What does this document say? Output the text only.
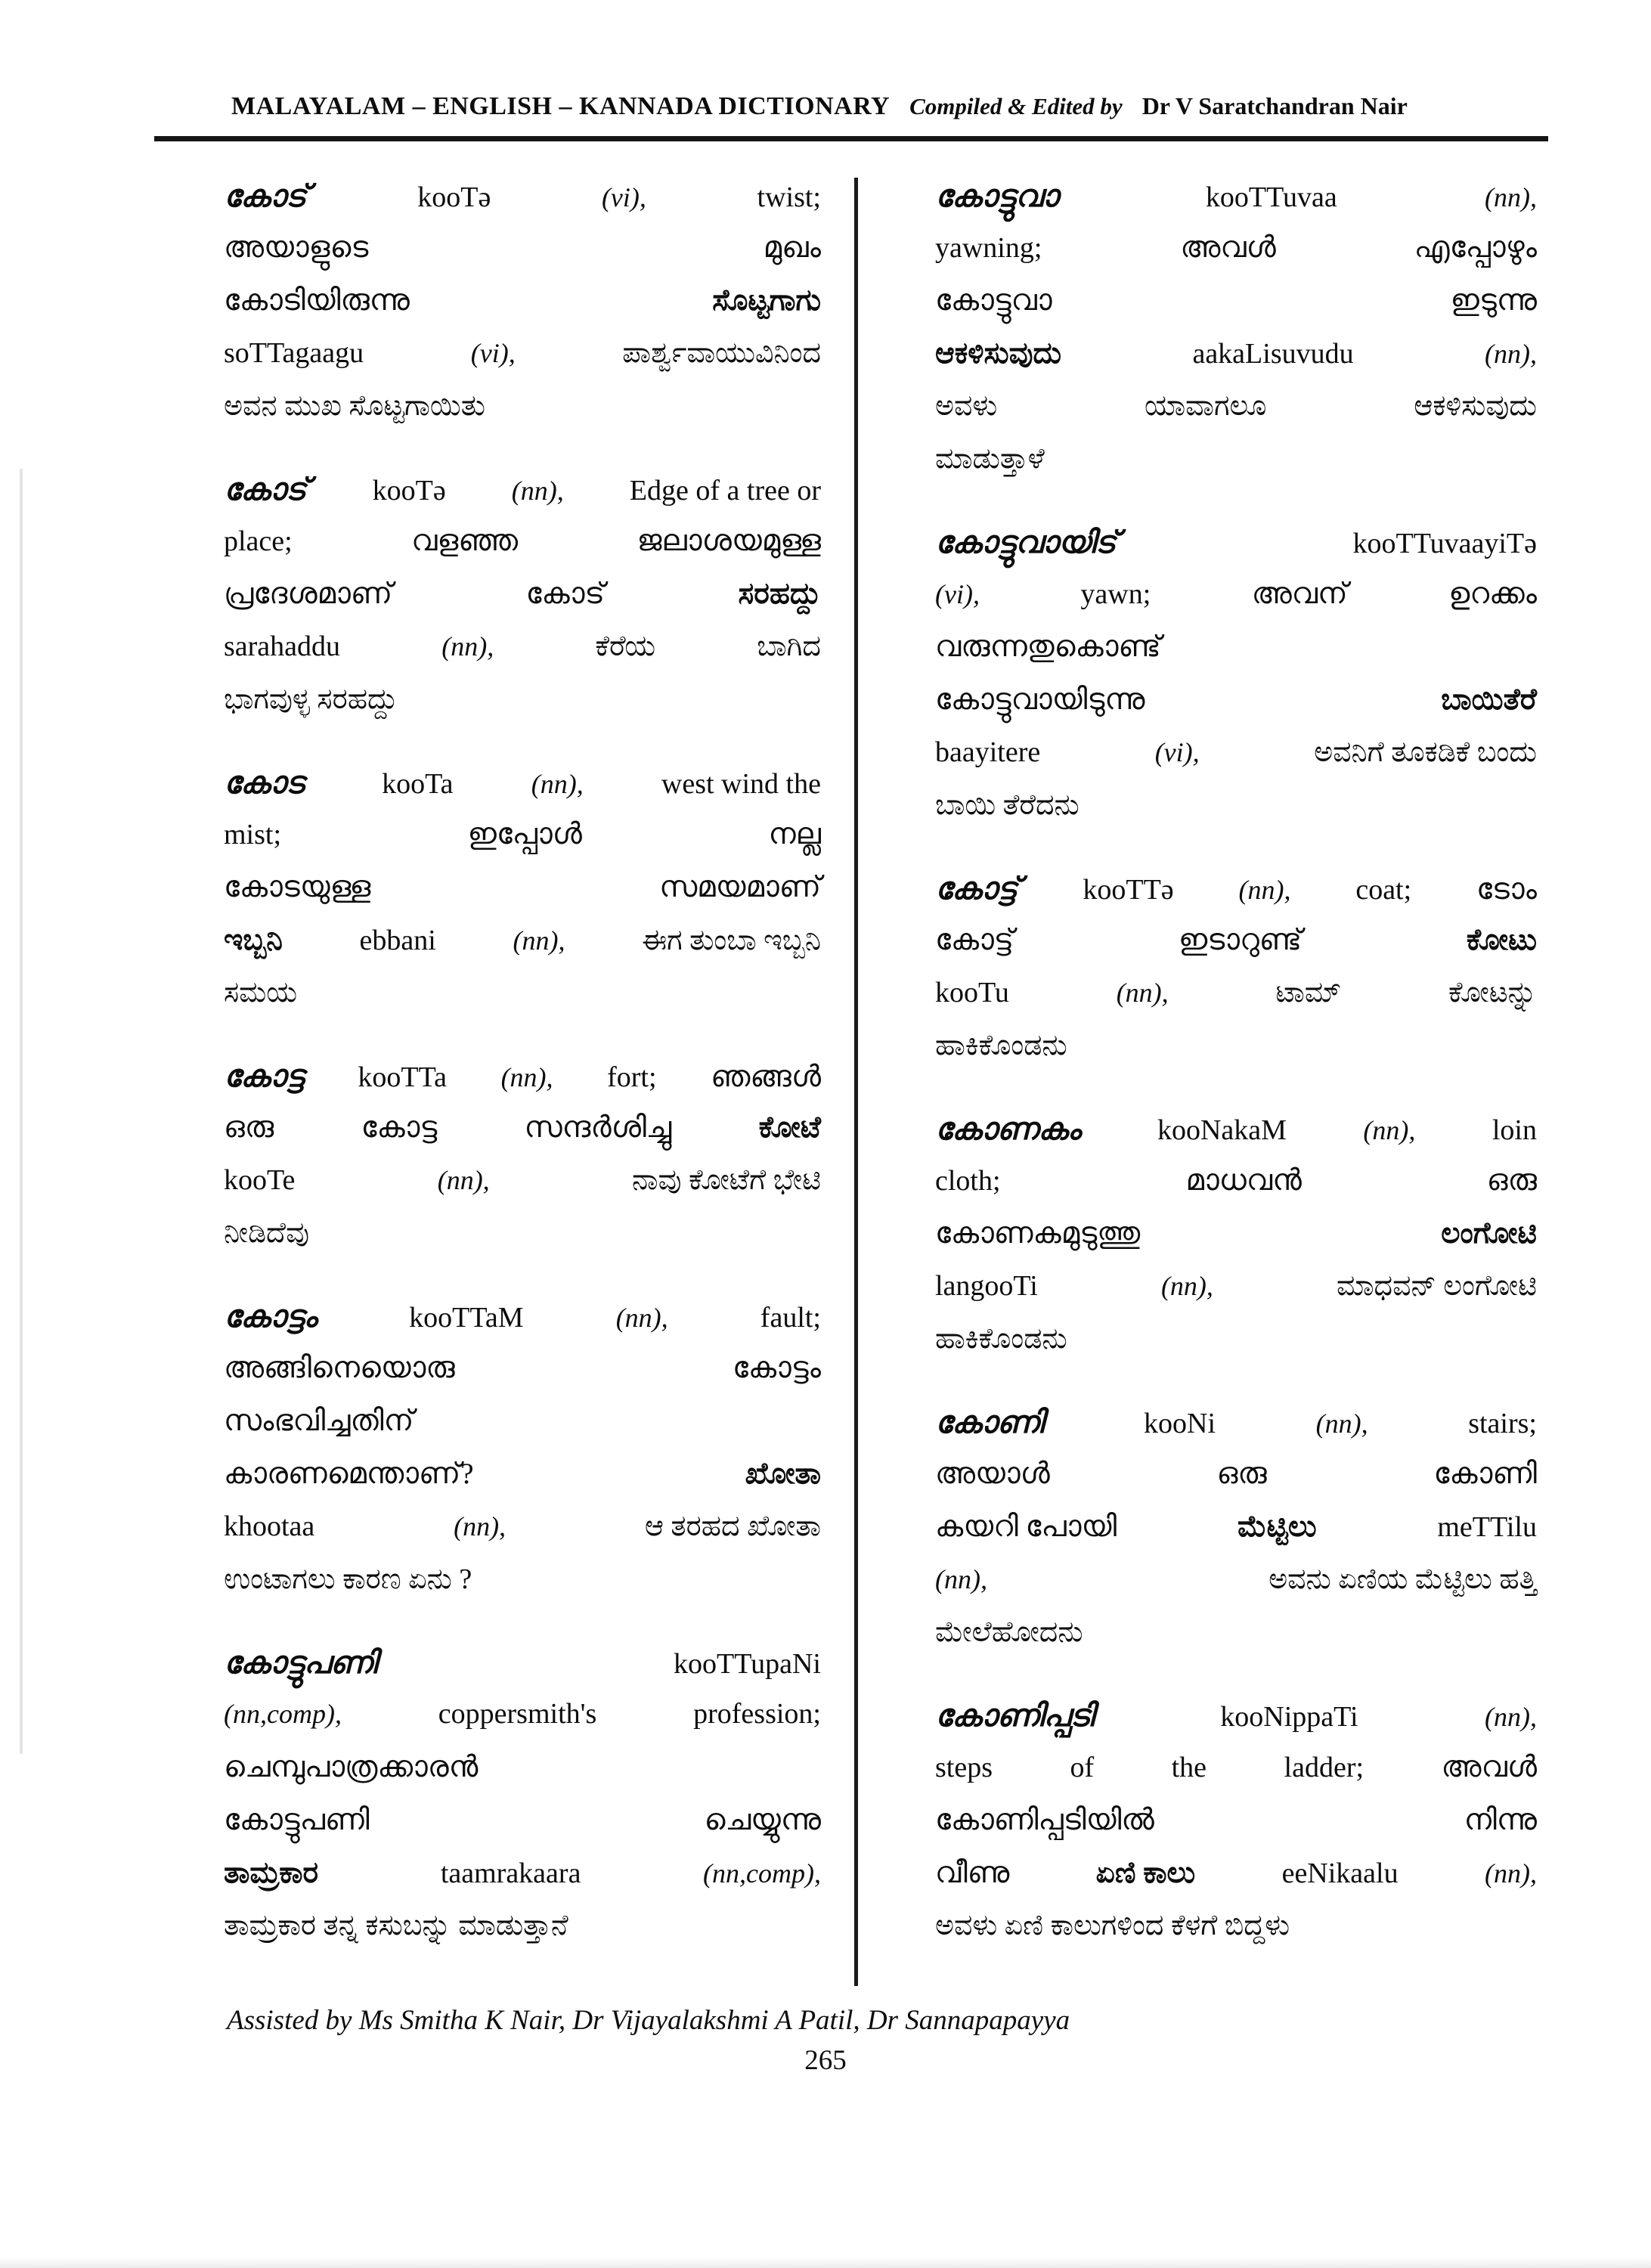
MALAYALAM – ENGLISH – KANNADA DICTIONARY Compiled & Edited by Dr V Saratchandran Nair
കോട്	kooTə	(vi),	twist;
അയാളുടെ	മുഖം
കോടിയിരുന്നു	ಸೊಟ್ಟಗಾಗು
soTTagaagu	(vi),	ಪಾರ್ಶ್ವವಾಯುವಿನಿಂದ
ಅವನ ಮುಖ ಸೊಟ್ಟಗಾಯಿತು
കോട് kooTə (nn), Edge of a tree or
place;	വളഞ്ഞ	ജലാശയമുള്ള
പ്രദേശമാണ്	കോട്	ಸರಹದ್ದು
sarahaddu	(nn),	ಕೆರೆಯ	ಬಾಗಿದ
ಭಾಗವುಳ್ಳ ಸರಹದ್ದು
കോട	kooTa	(nn),	west wind the
mist;	ഇപ്പോൾ	നല്ല
കോടയുള്ള	സമയമാണ്
ಇಬ್ಬನಿ	ebbani	(nn),	ಈಗ ತುಂಬಾ ಇಬ್ಬನಿ
ಸಮಯ
കോട്ട kooTTa (nn), fort; ഞങ്ങൾ
ഒരു	കോട്ട	സന്ദർശിച്ചു	ಕೋಟೆ
kooTe	(nn),	ನಾವು ಕೋಟೆಗೆ ಭೇಟಿ
ನೀಡಿದೆವು
കോട്ടം	kooTTaM	(nn),	fault;
അങ്ങിനെയൊരു	കോട്ടം
സംഭവിച്ചതിന്
കാരണമെന്താണ്?	ಖೋತಾ
khootaa	(nn),	ಆ ತರಹದ ಖೋತಾ
ಉಂಟಾಗಲು ಕಾರಣ ಏನು ?
കോട്ടുപണി	kooTTupaNi
(nn,comp),	coppersmith's	profession;
ചെമ്പുപാത്രക്കാരൻ
കോട്ടുപണി	ചെയ്യുന്നു
ತಾಮ್ರಕಾರ	taamrakaara	(nn,comp),
ತಾಮ್ರಕಾರ ತನ್ನ ಕಸುಬನ್ನು ಮಾಡುತ್ತಾನೆ
കോട്ടുവാ	kooTTuvaa	(nn),
yawning;	അവൾ	എപ്പോഴും
കോട്ടുവാ	ഇടുന്നു
ಆಕಳಿಸುವುದು	aakaLisuvudu	(nn),
ಅವಳು	ಯಾವಾಗಲೂ	ಆಕಳಿಸುವುದು
ಮಾಡುತ್ತಾಳೆ
കോട്ടുവായിട്	kooTTuvaayiTə
(vi),	yawn;	അവന്	ഉറക്കം
വരുന്നതുകൊണ്ട്
കോട്ടുവായിടുന്നു	ಬಾಯಿತೆರೆ
baayitere	(vi),	ಅವನಿಗೆ ತೂಕಡಿಕೆ ಬಂದು
ಬಾಯಿ ತೆರೆದನು
കോട്ട് kooTTə (nn), coat; ടോം
കോട്ട്	ഇടാറുണ്ട്	ಕೋಟು
kooTu	(nn),	ಟಾಮ್	ಕೋಟನ್ನು
ಹಾಕಿಕೊಂಡನು
കോണകം	kooNakaM	(nn),	loin
cloth;	മാധവൻ	ഒരു
കോണകമുടുത്തു	ಲಂಗೋಟಿ
langooTi	(nn),	ಮಾಧವನ್ ಲಂಗೋಟಿ
ಹಾಕಿಕೊಂಡನು
കോണി	kooNi	(nn),	stairs;
അയാൾ	ഒരു	കോണി
കയറി പോയി	ಮೆಟ್ಟಿಲು	meTTilu
(nn),	ಅವನು ಏಣಿಯ ಮೆಟ್ಟಿಲು ಹತ್ತಿ
ಮೇಲೆಹೋದನು
കോണിപ്പടി	kooNippaTi	(nn),
steps	of	the	ladder;	അവൾ
കോണിപ്പടിയിൽ	നിന്നു
വീണു	ಏಣಿ ಕಾಲು	eeNikaalu	(nn),
ಅವಳು ಏಣಿ ಕಾಲುಗಳಿಂದ ಕೆಳಗೆ ಬಿದ್ದಳು
Assisted by Ms Smitha K Nair, Dr Vijayalakshmi A Patil, Dr Sannapapayya
265
